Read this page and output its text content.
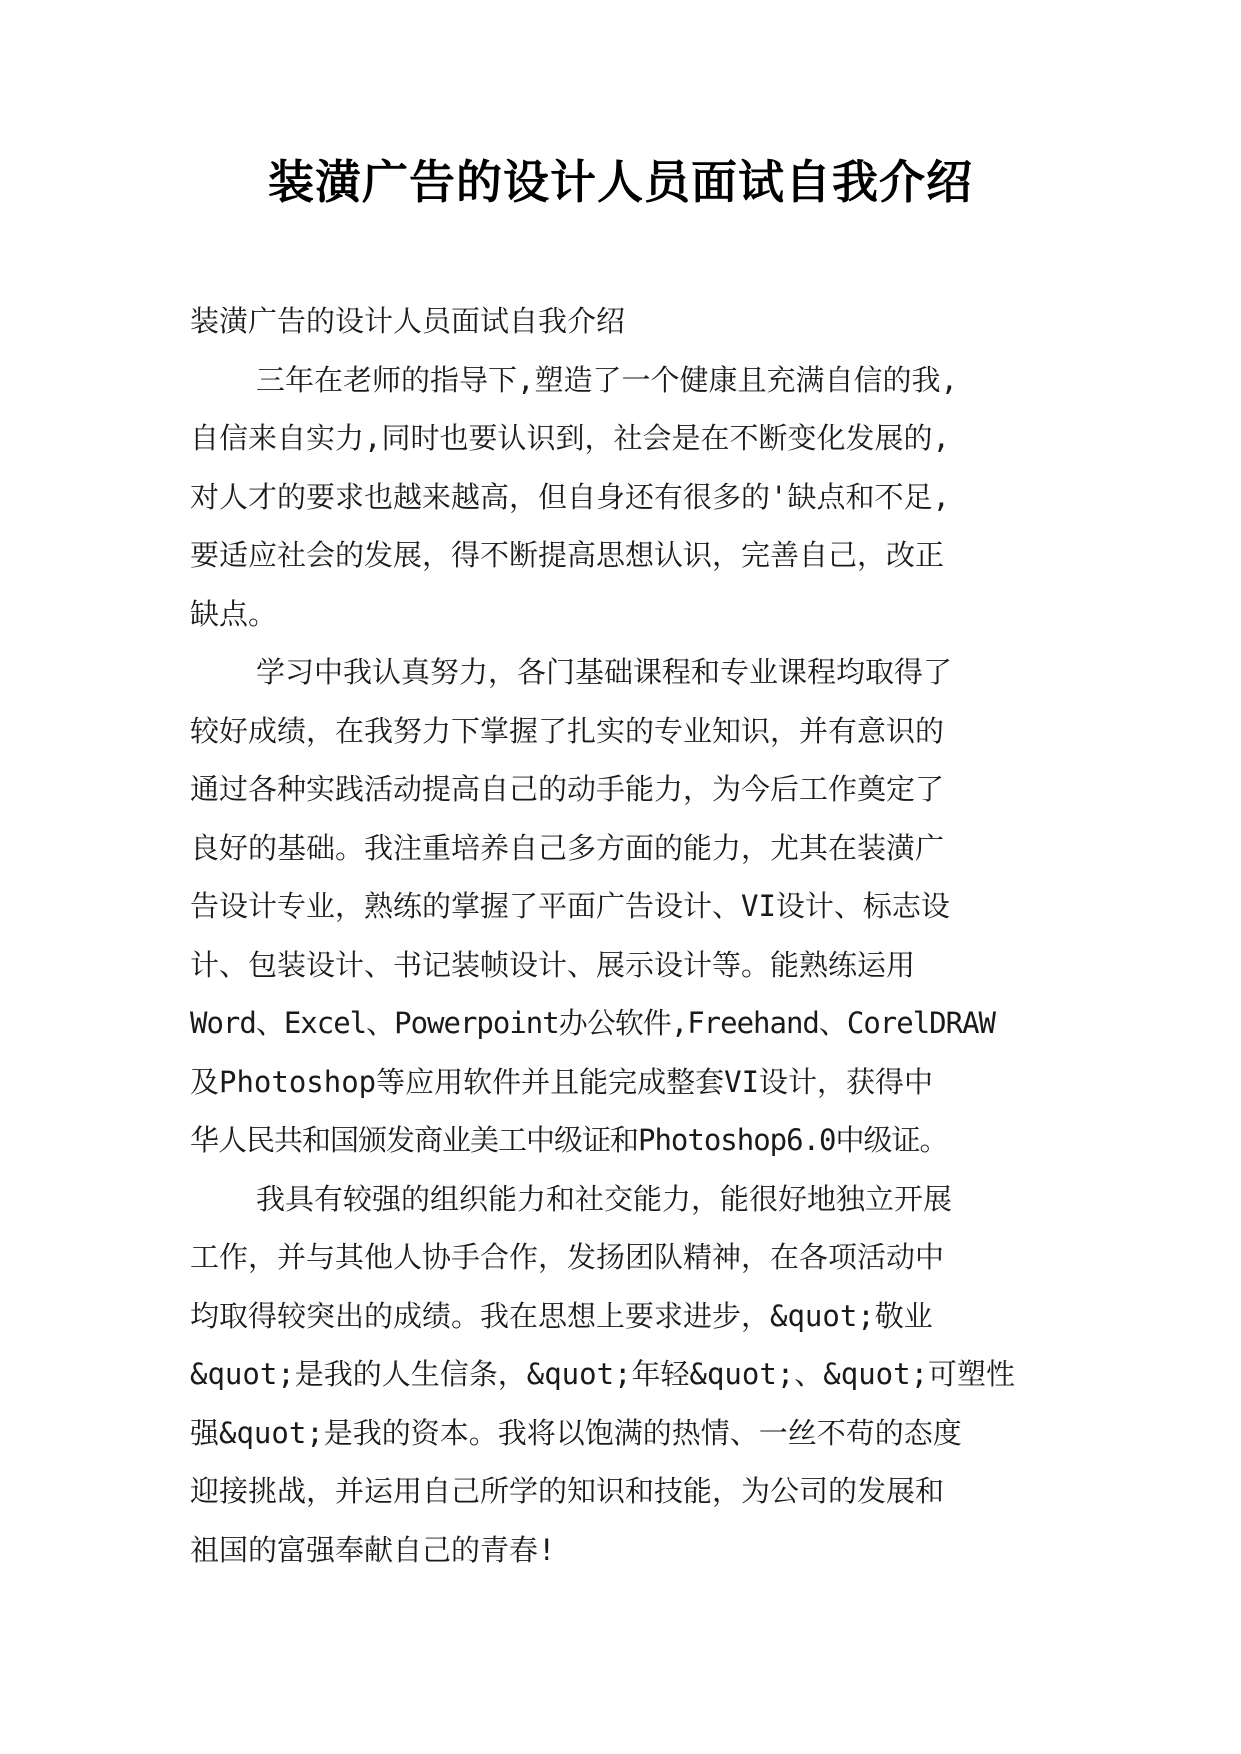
装潢广告的设计人员面试自我介绍
装潢广告的设计人员面试自我介绍
三年在老师的指导下,塑造了一个健康且充满自信的我,
自信来自实力,同时也要认识到，社会是在不断变化发展的,
对人才的要求也越来越高，但自身还有很多的'缺点和不足,
要适应社会的发展，得不断提高思想认识，完善自己，改正
缺点。
学习中我认真努力，各门基础课程和专业课程均取得了
较好成绩，在我努力下掌握了扎实的专业知识，并有意识的
通过各种实践活动提高自己的动手能力，为今后工作奠定了
良好的基础。我注重培养自己多方面的能力，尤其在装潢广
告设计专业，熟练的掌握了平面广告设计、VI设计、标志设
计、包装设计、书记装帧设计、展示设计等。能熟练运用
Word、Excel、Powerpoint办公软件,Freehand、CorelDRAW
及Photoshop等应用软件并且能完成整套VI设计，获得中
华人民共和国颁发商业美工中级证和Photoshop6.0中级证。
我具有较强的组织能力和社交能力，能很好地独立开展
工作，并与其他人协手合作，发扬团队精神，在各项活动中
均取得较突出的成绩。我在思想上要求进步，&quot;敬业
&quot;是我的人生信条，&quot;年轻&quot;、&quot;可塑性
强&quot;是我的资本。我将以饱满的热情、一丝不苟的态度
迎接挑战，并运用自己所学的知识和技能，为公司的发展和
祖国的富强奉献自己的青春!
